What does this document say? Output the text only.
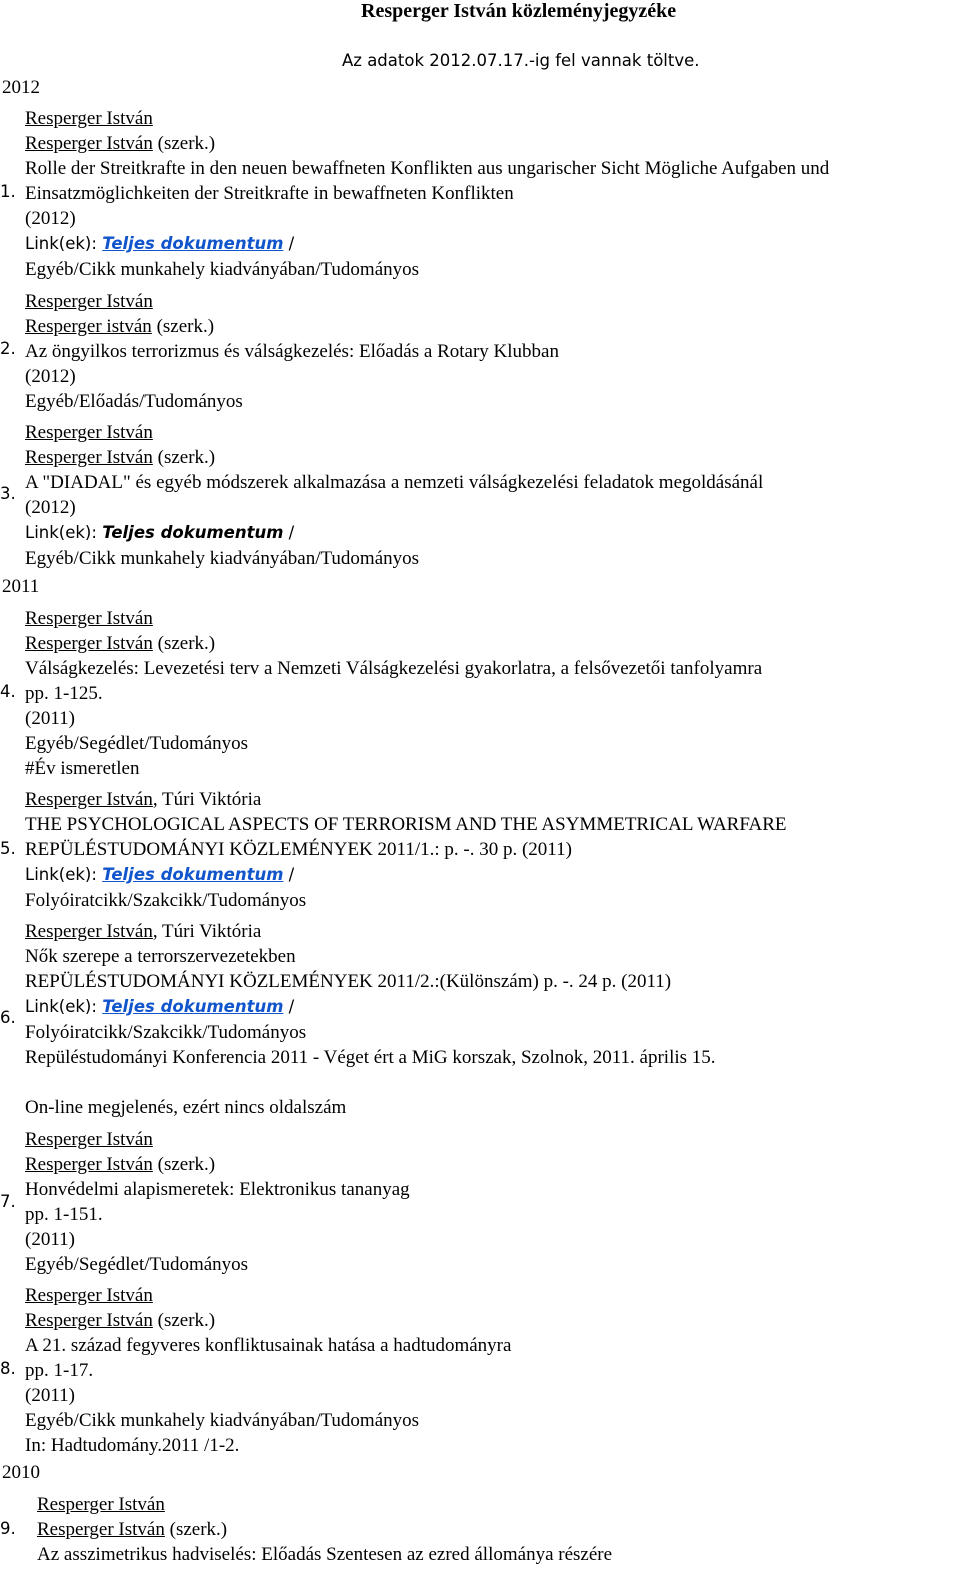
Resperger István közleményjegyzéke
Az adatok 2012.07.17.-ig fel vannak töltve.
2012
1.
Resperger István
Resperger István (szerk.)
Rolle der Streitkrafte in den neuen bewaffneten Konflikten aus ungarischer Sicht Mögliche Aufgaben und
Einsatzmöglichkeiten der Streitkrafte in bewaffneten Konflikten
(2012)
Link(ek): Teljes dokumentum /
Egyéb/Cikk munkahely kiadványában/Tudományos
2.
Resperger István
Resperger istván (szerk.)
Az öngyilkos terrorizmus és válságkezelés: Előadás a Rotary Klubban
(2012)
Egyéb/Előadás/Tudományos
3.
Resperger István
Resperger István (szerk.)
A "DIADAL" és egyéb módszerek alkalmazása a nemzeti válságkezelési feladatok megoldásánál
(2012)
Link(ek): Teljes dokumentum /
Egyéb/Cikk munkahely kiadványában/Tudományos
2011
4.
Resperger István
Resperger István (szerk.)
Válságkezelés: Levezetési terv a Nemzeti Válságkezelési gyakorlatra, a felsővezetői tanfolyamra
pp. 1-125.
(2011)
Egyéb/Segédlet/Tudományos
#Év ismeretlen
5.
Resperger István, Túri Viktória
THE PSYCHOLOGICAL ASPECTS OF TERRORISM AND THE ASYMMETRICAL WARFARE
REPÜLÉSTUDOMÁNYI KÖZLEMÉNYEK 2011/1.: p. -. 30 p. (2011)
Link(ek): Teljes dokumentum /
Folyóiratcikk/Szakcikk/Tudományos
6.
Resperger István, Túri Viktória
Nők szerepe a terrorszervezetekben
REPÜLÉSTUDOMÁNYI KÖZLEMÉNYEK 2011/2.:(Különszám) p. -. 24 p. (2011)
Link(ek): Teljes dokumentum /
Folyóiratcikk/Szakcikk/Tudományos
Repüléstudományi Konferencia 2011 - Véget ért a MiG korszak, Szolnok, 2011. április 15.
On-line megjelenés, ezért nincs oldalszám
7.
Resperger István
Resperger István (szerk.)
Honvédelmi alapismeretek: Elektronikus tananyag
pp. 1-151.
(2011)
Egyéb/Segédlet/Tudományos
8.
Resperger István
Resperger István (szerk.)
A 21. század fegyveres konfliktusainak hatása a hadtudományra
pp. 1-17.
(2011)
Egyéb/Cikk munkahely kiadványában/Tudományos
In: Hadtudomány.2011 /1-2.
2010
9.
Resperger István
Resperger István (szerk.)
Az asszimetrikus hadviselés: Előadás Szentesen az ezred állománya részére
